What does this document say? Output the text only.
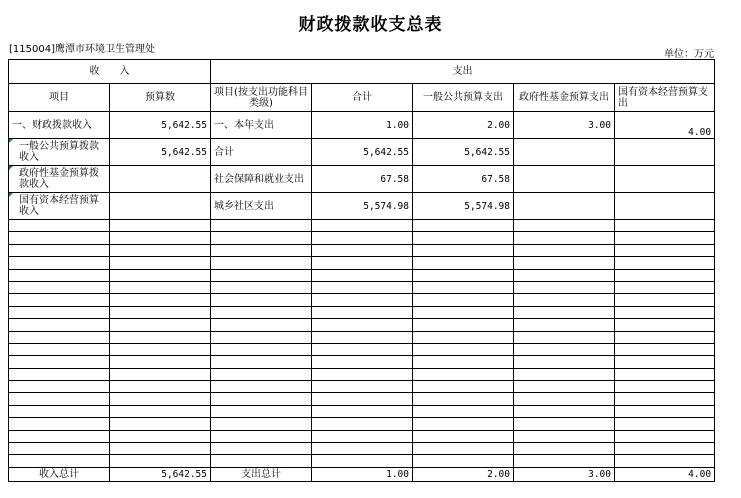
财政拨款收支总表
[115004]鹰潭市环境卫生管理处	单位：万元
收　　入		支出				
项目	预算数	项目(按支出功能科目类级)	合计	一般公共预算支出	政府性基金预算支出	国有资本经营预算支出
一、财政拨款收入	5,642.55	一、本年支出	1.00	2.00	3.00	4.00
一般公共预算拨款收入	5,642.55	合计	5,642.55	5,642.55		
政府性基金预算拨款收入		社会保障和就业支出	67.58	67.58		
国有资本经营预算收入		城乡社区支出	5,574.98	5,574.98		

收入总计	5,642.55	支出总计	1.00	2.00	3.00	4.00
